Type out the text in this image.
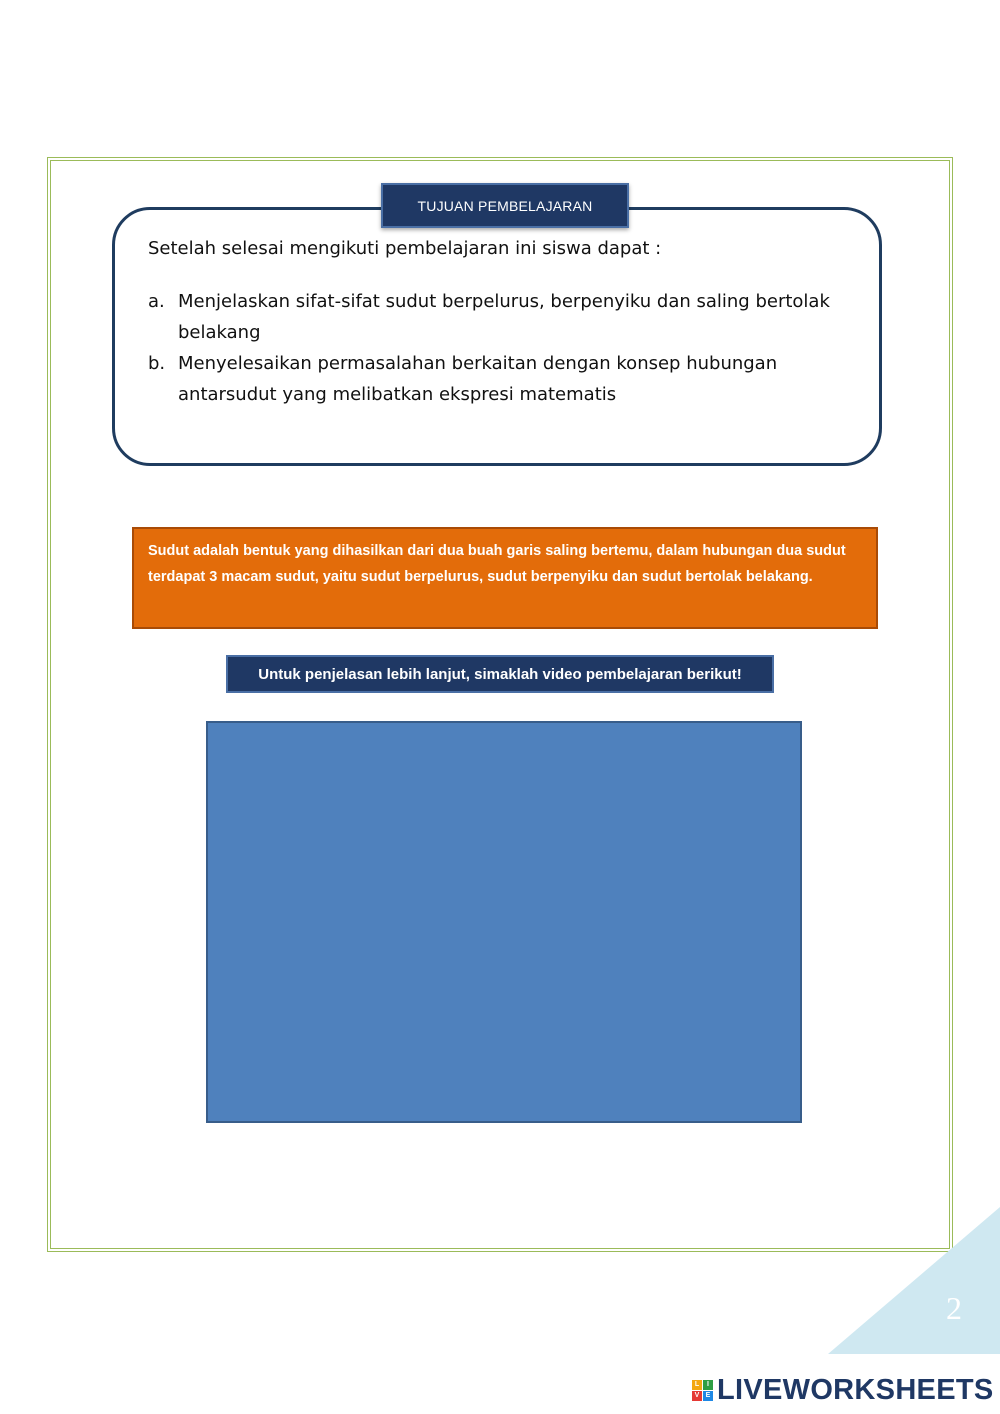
TUJUAN PEMBELAJARAN
Setelah selesai mengikuti pembelajaran ini siswa dapat :
a. Menjelaskan sifat-sifat sudut berpelurus, berpenyiku dan saling bertolak belakang
b. Menyelesaikan permasalahan berkaitan dengan konsep hubungan antarsudut yang melibatkan ekspresi matematis
Sudut adalah bentuk yang dihasilkan dari dua buah garis saling bertemu, dalam hubungan dua sudut terdapat 3 macam sudut, yaitu sudut berpelurus, sudut berpenyiku dan sudut bertolak belakang.
Untuk penjelasan lebih lanjut, simaklah video pembelajaran berikut!
2
L	I
V E LIVEWORKSHEETS
